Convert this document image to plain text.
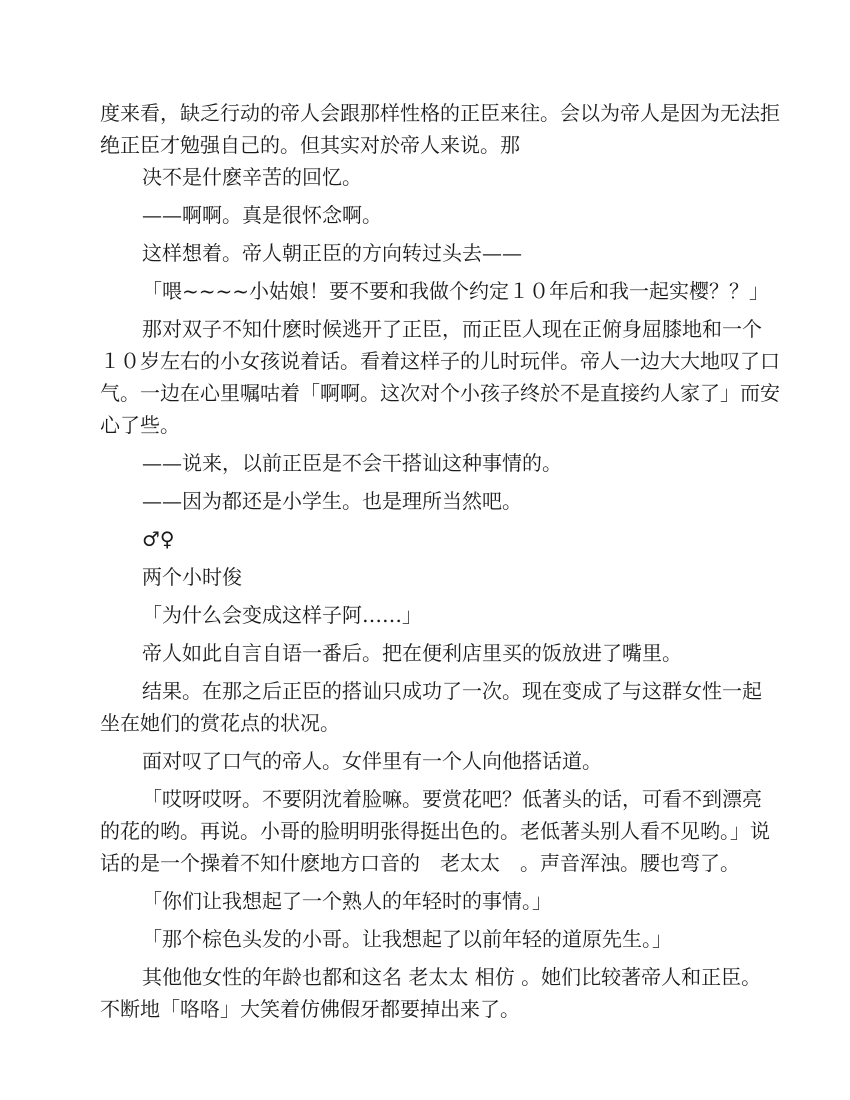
度来看，缺乏行动的帝人会跟那样性格的正臣来往。会以为帝人是因为无法拒绝正臣才勉强自己的。但其实对於帝人来说。那

决不是什麽辛苦的回忆。

——啊啊。真是很怀念啊。

这样想着。帝人朝正臣的方向转过头去——

「喂~~~~小姑娘！要不要和我做个约定１０年后和我一起实樱？？」

那对双子不知什麽时候逃开了正臣，而正臣人现在正俯身屈膝地和一个１０岁左右的小女孩说着话。看着这样子的儿时玩伴。帝人一边大大地叹了口气。一边在心里嘱咕着「啊啊。这次对个小孩子终於不是直接约人家了」而安心了些。

——说来，以前正臣是不会干搭讪这种事情的。

——因为都还是小学生。也是理所当然吧。

♂♀

两个小时俊

「为什么会变成这样子阿……」

帝人如此自言自语一番后。把在便利店里买的饭放进了嘴里。

结果。在那之后正臣的搭讪只成功了一次。现在变成了与这群女性一起坐在她们的赏花点的状况。

面对叹了口气的帝人。女伴里有一个人向他搭话道。

「哎呀哎呀。不要阴沈着脸嘛。要赏花吧？低著头的话，可看不到漂亮的花的哟。再说。小哥的脸明明张得挺出色的。老低著头别人看不见哟。」说话的是一个操着不知什麽地方口音的　老太太　。声音浑浊。腰也弯了。

「你们让我想起了一个熟人的年轻时的事情。」

「那个棕色头发的小哥。让我想起了以前年轻的道原先生。」

其他他女性的年龄也都和这名 老太太 相仿 。她们比较著帝人和正臣。不断地「咯咯」大笑着仿佛假牙都要掉出来了。
